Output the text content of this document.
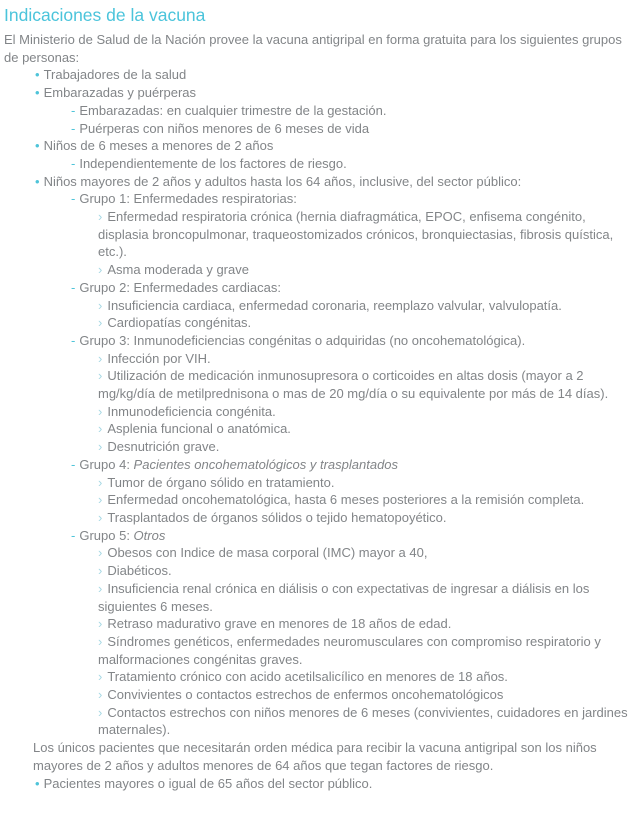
Indicaciones de la vacuna

El Ministerio de Salud de la Nación provee la vacuna antigripal en forma gratuita para los siguientes grupos de personas:

• Trabajadores de la salud
• Embarazadas y puérperas
- Embarazadas: en cualquier trimestre de la gestación.
- Puérperas con niños menores de 6 meses de vida
• Niños de 6 meses a menores de 2 años
- Independientemente de los factores de riesgo.
• Niños mayores de 2 años y adultos hasta los 64 años, inclusive, del sector público:
- Grupo 1: Enfermedades respiratorias:
› Enfermedad respiratoria crónica (hernia diafragmática, EPOC, enfisema congénito, displasia broncopulmonar, traqueostomizados crónicos, bronquiectasias, fibrosis quística, etc.).
› Asma moderada y grave
- Grupo 2: Enfermedades cardiacas:
› Insuficiencia cardiaca, enfermedad coronaria, reemplazo valvular, valvulopatía.
› Cardiopatías congénitas.
- Grupo 3: Inmunodeficiencias congénitas o adquiridas (no oncohematológica).
› Infección por VIH.
› Utilización de medicación inmunosupresora o corticoides en altas dosis (mayor a 2 mg/kg/día de metilprednisona o mas de 20 mg/día o su equivalente por más de 14 días).
› Inmunodeficiencia congénita.
› Asplenia funcional o anatómica.
› Desnutrición grave.
- Grupo 4: Pacientes oncohematológicos y trasplantados
› Tumor de órgano sólido en tratamiento.
› Enfermedad oncohematológica, hasta 6 meses posteriores a la remisión completa.
› Trasplantados de órganos sólidos o tejido hematopoyético.
- Grupo 5: Otros
› Obesos con Indice de masa corporal (IMC) mayor a 40,
› Diabéticos.
› Insuficiencia renal crónica en diálisis o con expectativas de ingresar a diálisis en los siguientes 6 meses.
› Retraso madurativo grave en menores de 18 años de edad.
› Síndromes genéticos, enfermedades neuromusculares con compromiso respiratorio y malformaciones congénitas graves.
› Tratamiento crónico con acido acetilsalicílico en menores de 18 años.
› Convivientes o contactos estrechos de enfermos oncohematológicos
› Contactos estrechos con niños menores de 6 meses (convivientes, cuidadores en jardines maternales).

Los únicos pacientes que necesitarán orden médica para recibir la vacuna antigripal son los niños mayores de 2 años y adultos menores de 64 años que tegan factores de riesgo.

• Pacientes mayores o igual de 65 años del sector público.
